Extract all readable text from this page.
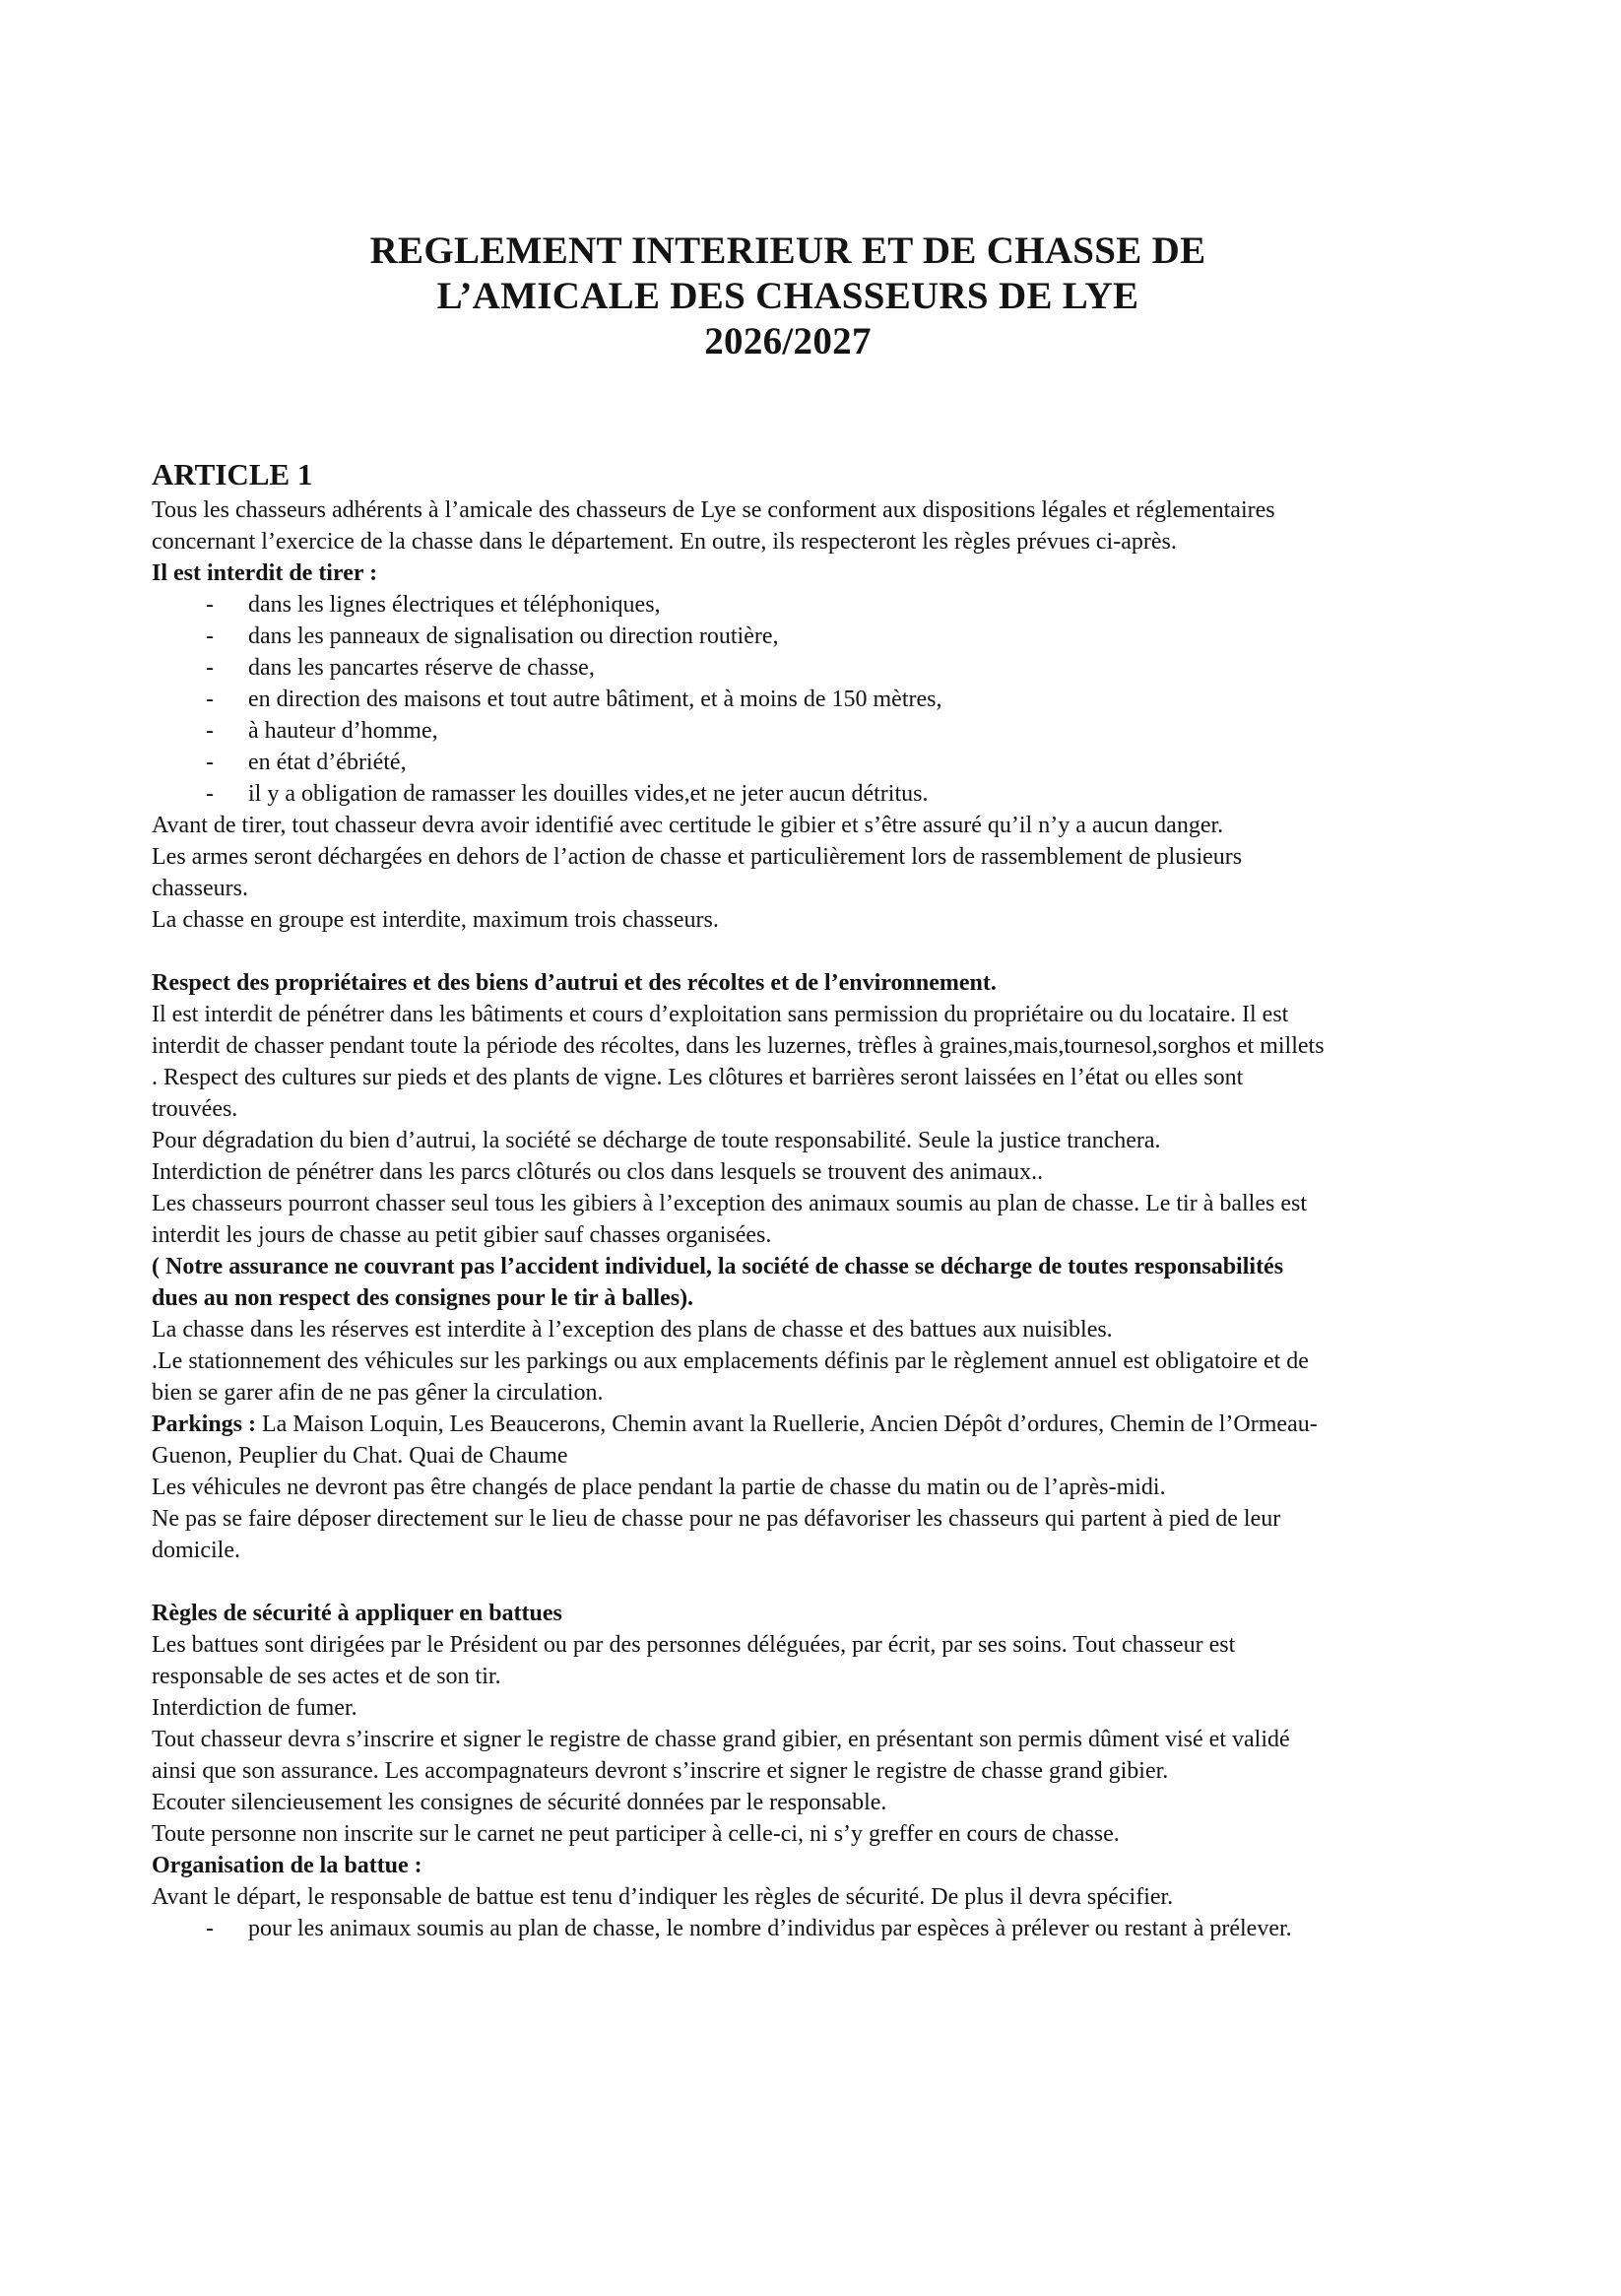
REGLEMENT INTERIEUR ET DE CHASSE DE
L’AMICALE DES CHASSEURS DE LYE
2026/2027
ARTICLE 1

Tous les chasseurs adhérents à l’amicale des chasseurs de Lye se conforment aux dispositions légales et réglementaires concernant l’exercice de la chasse dans le département. En outre, ils respecteront les règles prévues ci-après.

Il est interdit de tirer :

- dans les lignes électriques et téléphoniques,
- dans les panneaux de signalisation ou direction routière,
- dans les pancartes réserve de chasse,
- en direction des maisons et tout autre bâtiment, et à moins de 150 mètres,
- à hauteur d’homme,
- en état d’ébriété,
- il y a obligation de ramasser les douilles vides,et ne jeter aucun détritus.

Avant de tirer, tout chasseur devra avoir identifié avec certitude le gibier et s’être assuré qu’il n’y a aucun danger.

Les armes seront déchargées en dehors de l’action de chasse et particulièrement lors de rassemblement de plusieurs chasseurs.

La chasse en groupe est interdite, maximum trois chasseurs.

Respect des propriétaires et des biens d’autrui et des récoltes et de l’environnement.

Il est interdit de pénétrer dans les bâtiments et cours d’exploitation sans permission du propriétaire ou du locataire. Il est interdit de chasser pendant toute la période des récoltes, dans les luzernes, trèfles à graines,mais,tournesol,sorghos et millets . Respect des cultures sur pieds et des plants de vigne. Les clôtures et barrières seront laissées en l’état ou elles sont trouvées.

Pour dégradation du bien d’autrui, la société se décharge de toute responsabilité. Seule la justice tranchera.

Interdiction de pénétrer dans les parcs clôturés ou clos dans lesquels se trouvent des animaux..

Les chasseurs pourront chasser seul tous les gibiers à l’exception des animaux soumis au plan de chasse. Le tir à balles est interdit les jours de chasse au petit gibier sauf chasses organisées.

( Notre assurance ne couvrant pas l’accident individuel, la société de chasse se décharge de toutes responsabilités dues au non respect des consignes pour le tir à balles).

La chasse dans les réserves est interdite à l’exception des plans de chasse et des battues aux nuisibles.

.Le stationnement des véhicules sur les parkings ou aux emplacements définis par le règlement annuel est obligatoire et de bien se garer afin de ne pas gêner la circulation.

Parkings : La Maison Loquin, Les Beaucerons, Chemin avant la Ruellerie, Ancien Dépôt d’ordures, Chemin de l’Ormeau-Guenon, Peuplier du Chat. Quai de Chaume

Les véhicules ne devront pas être changés de place pendant la partie de chasse du matin ou de l’après-midi.

Ne pas se faire déposer directement sur le lieu de chasse pour ne pas défavoriser les chasseurs qui partent à pied de leur domicile.

Règles de sécurité à appliquer en battues

Les battues sont dirigées par le Président ou par des personnes déléguées, par écrit, par ses soins. Tout chasseur est responsable de ses actes et de son tir.

Interdiction de fumer.

Tout chasseur devra s’inscrire et signer le registre de chasse grand gibier, en présentant son permis dûment visé et validé ainsi que son assurance. Les accompagnateurs devront s’inscrire et signer le registre de chasse grand gibier.

Ecouter silencieusement les consignes de sécurité données par le responsable.

Toute personne non inscrite sur le carnet ne peut participer à celle-ci, ni s’y greffer en cours de chasse.

Organisation de la battue :

Avant le départ, le responsable de battue est tenu d’indiquer les règles de sécurité. De plus il devra spécifier.

- pour les animaux soumis au plan de chasse, le nombre d’individus par espèces à prélever ou restant à prélever.
